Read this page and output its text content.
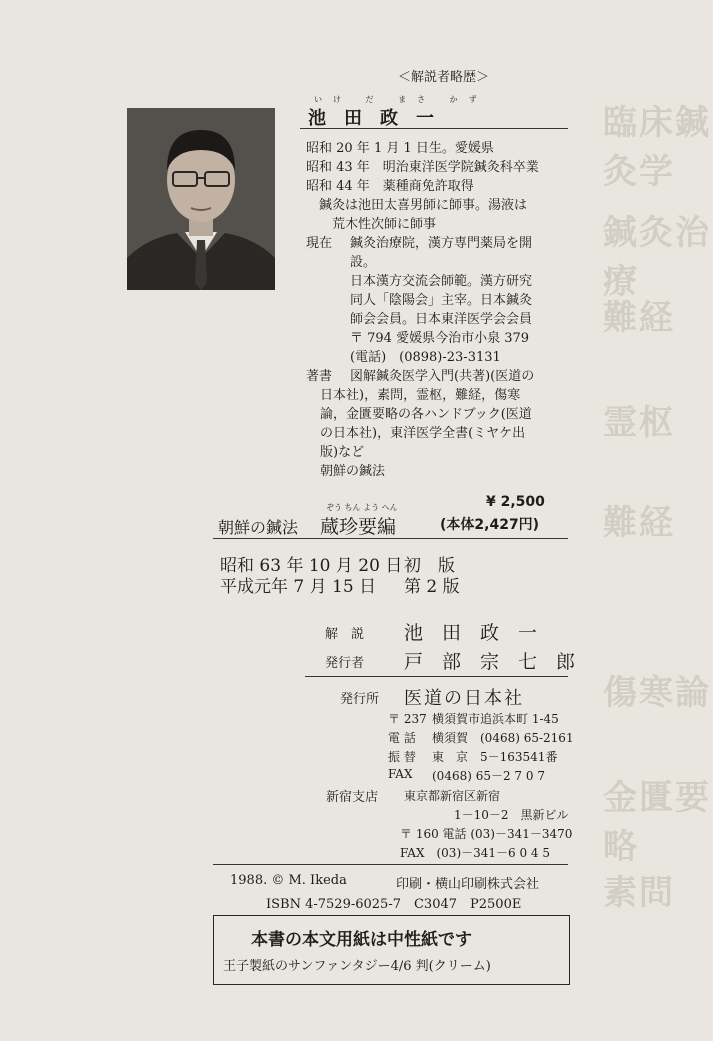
臨床鍼灸学
鍼灸治療
難経
霊枢
難経
傷寒論
金匱要略
素問
＜解説者略歴＞
いけ だ まさ かず
池　田　政　一
昭和 20 年 1 月 1 日生。愛媛県
昭和 43 年　明治東洋医学院鍼灸科卒業
昭和 44 年　薬種商免許取得
　鍼灸は池田太喜男師に師事。湯液は
　　荒木性次師に師事
現在 鍼灸治療院，漢方専門薬局を開
設。
日本漢方交流会師範。漢方研究
同人「陰陽会」主宰。日本鍼灸
師会会員。日本東洋医学会会員
〒 794 愛媛県今治市小泉 379
(電話)　(0898)-23-3131
著書 図解鍼灸医学入門(共著)(医道の
日本社)，素問，霊枢，難経，傷寒
論，金匱要略の各ハンドブック(医道
の日本社)，東洋医学全書(ミヤケ出
版)など
朝鮮の鍼法
¥ 2,500
ぞう ちん よう へん
朝鮮の鍼法 蔵珍要編	(本体2,427円)
昭和 63 年 10 月 20 日 初　版
平成元年 7 月 15 日 第 2 版
解　説 池　田　政　一
発行者 戸　部　宗　七　郎
発行所 医道の日本社
〒 237 横須賀市追浜本町 1-45
電 話 横須賀　(0468) 65-2161
振 替 東　京　5－163541番
FAX (0468) 65－2 7 0 7
新宿支店 東京都新宿区新宿
1－10－2　黒新ビル
〒 160 電話 (03)－341－3470
FAX　(03)－341－6 0 4 5
1988. © M. Ikeda	印刷・横山印刷株式会社
ISBN 4-7529-6025-7　C3047　P2500E
本書の本文用紙は中性紙です
王子製紙のサンファンタジー4/6 判(クリーム)
